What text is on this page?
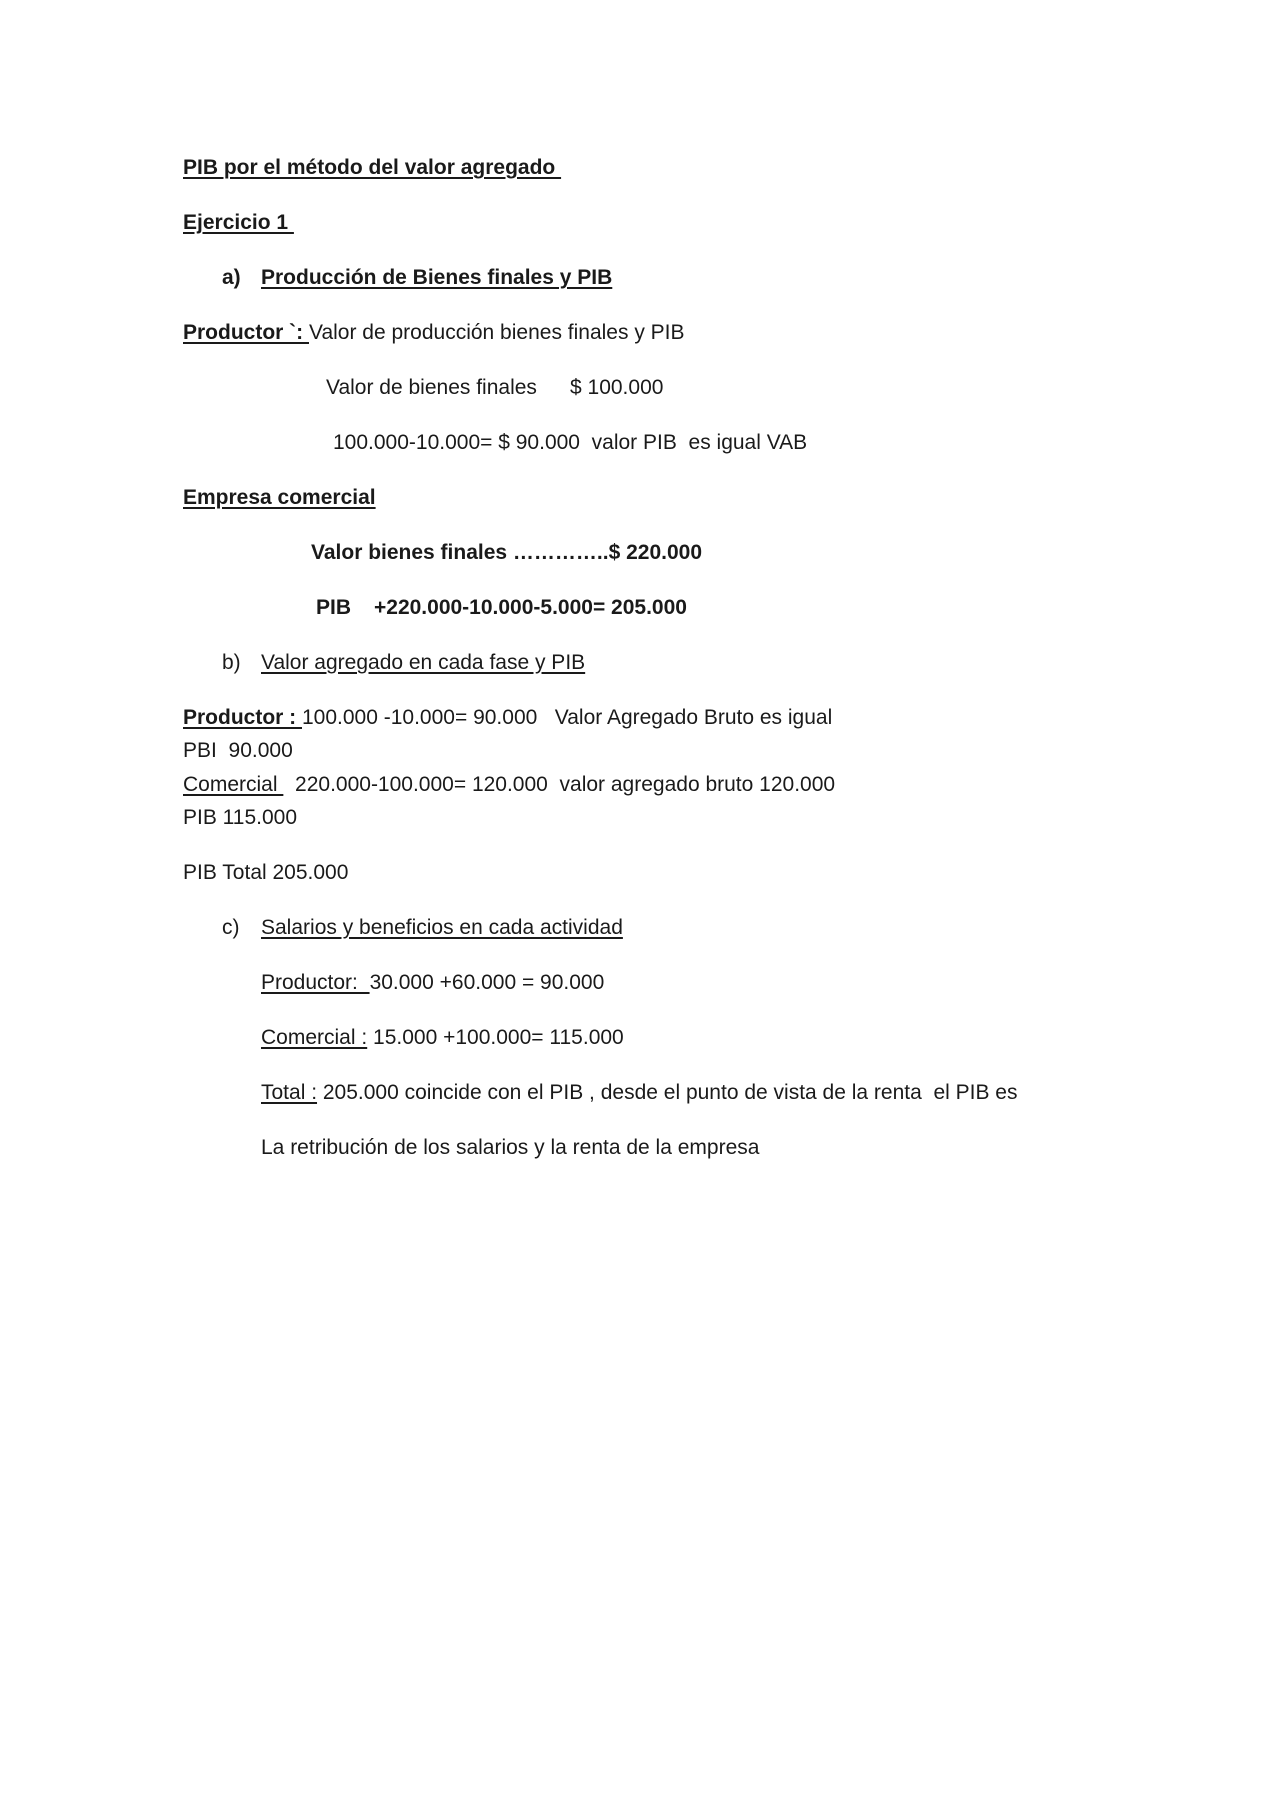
PIB por el método del valor agregado
Ejercicio 1
a) Producción de Bienes finales y PIB
Productor `: Valor de producción bienes finales y PIB
Valor de bienes finales $ 100.000
100.000-10.000= $ 90.000  valor PIB  es igual VAB
Empresa comercial
Valor bienes finales …………..$ 220.000
PIB +220.000-10.000-5.000= 205.000
b) Valor agregado en cada fase y PIB
Productor : 100.000 -10.000= 90.000   Valor Agregado Bruto es igual
PBI  90.000
Comercial   220.000-100.000= 120.000  valor agregado bruto 120.000
PIB 115.000
PIB Total 205.000
c) Salarios y beneficios en cada actividad
Productor:  30.000 +60.000 = 90.000
Comercial : 15.000 +100.000= 115.000
Total : 205.000 coincide con el PIB , desde el punto de vista de la renta  el PIB es
La retribución de los salarios y la renta de la empresa
